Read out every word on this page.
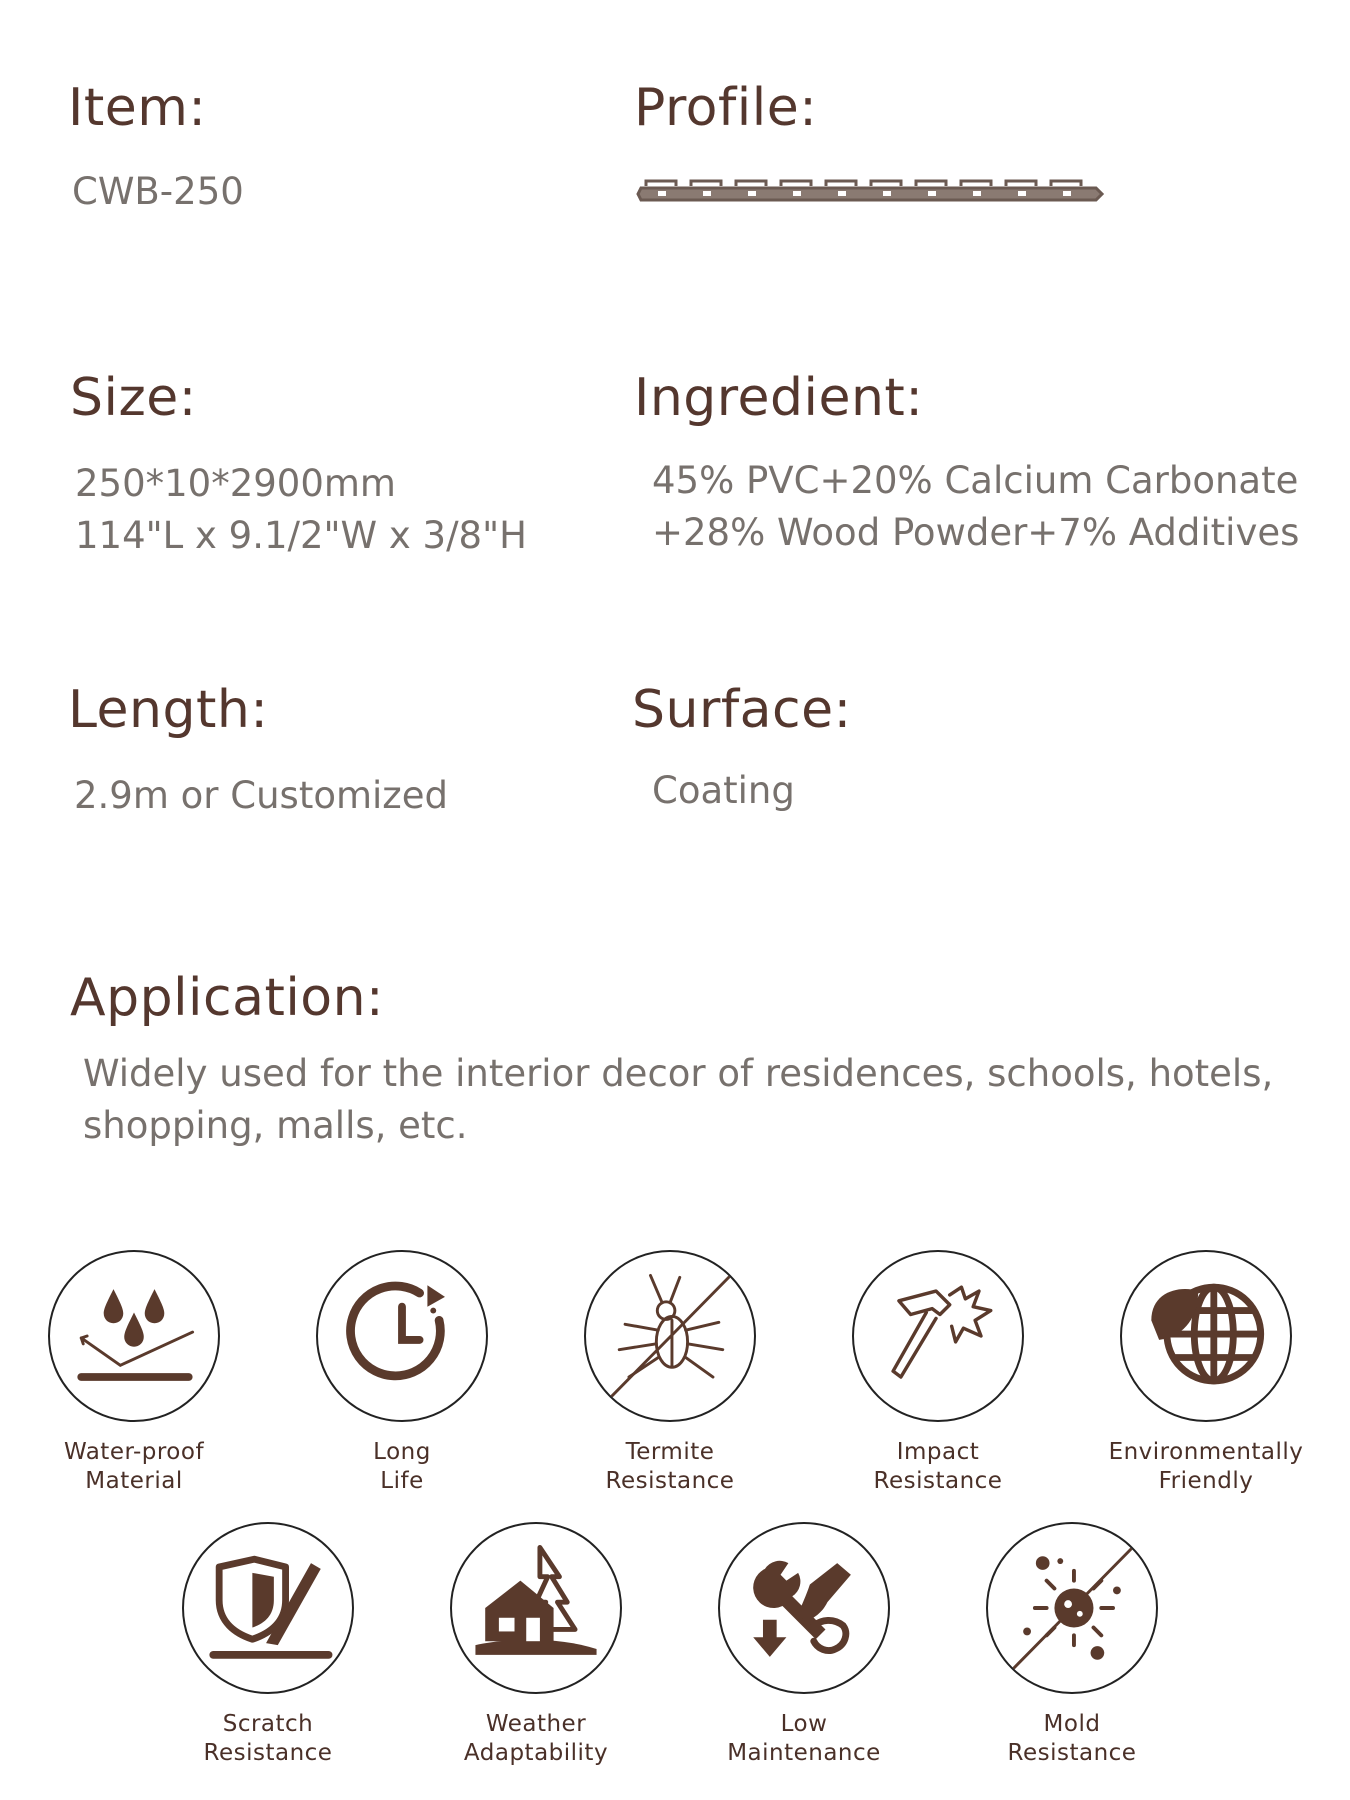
Item:
CWB-250
Profile:
Size:
250*10*2900mm
114"L x 9.1/2"W x 3/8"H
Ingredient:
45% PVC+20% Calcium Carbonate
+28% Wood Powder+7% Additives
Length:
2.9m or Customized
Surface:
Coating
Application:
Widely used for the interior decor of residences, schools, hotels,
shopping, malls, etc.
Water-proof
Material
Long
Life
Termite
Resistance
Impact
Resistance
Environmentally
Friendly
Scratch
Resistance
Weather
Adaptability
Low
Maintenance
Mold
Resistance
